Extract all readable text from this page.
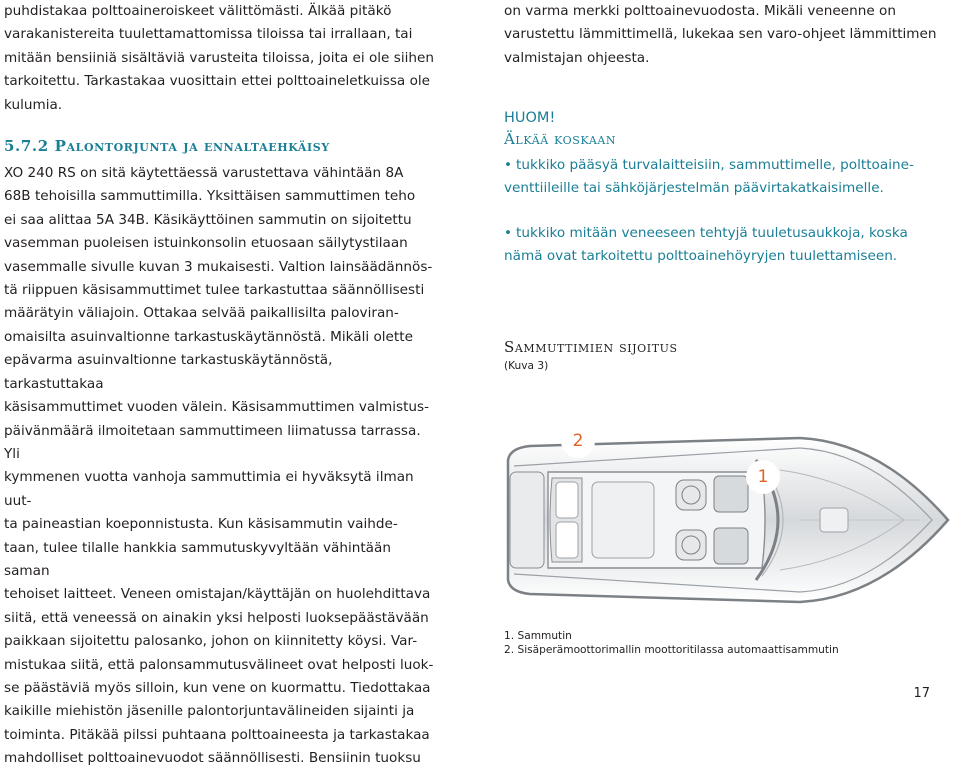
puhdistakaa polttoaineroiskeet välittömästi. Älkää pitäkö

varakanistereita tuulettamattomissa tiloissa tai irrallaan, tai

mitään bensiiniä sisältäviä varusteita tiloissa, joita ei ole siihen

tarkoitettu. Tarkastakaa vuosittain ettei polttoaineletkuissa ole

kulumia.

5.7.2 Palontorjunta ja ennaltaehkäisy

XO 240 RS on sitä käytettäessä varustettava vähintään 8A

68B tehoisilla sammuttimilla. Yksittäisen sammuttimen teho

ei saa alittaa 5A 34B. Käsikäyttöinen sammutin on sijoitettu

vasemman puoleisen istuinkonsolin etuosaan säilytystilaan

vasemmalle sivulle kuvan 3 mukaisesti. Valtion lainsäädännös-

tä riippuen käsisammuttimet tulee tarkastuttaa säännöllisesti

määrätyin väliajoin. Ottakaa selvää paikallisilta paloviran-

omaisilta asuinvaltionne tarkastuskäytännöstä. Mikäli olette

epävarma asuinvaltionne tarkastuskäytännöstä, tarkastuttakaa

käsisammuttimet vuoden välein. Käsisammuttimen valmistus-

päivänmäärä ilmoitetaan sammuttimeen liimatussa tarrassa. Yli

kymmenen vuotta vanhoja sammuttimia ei hyväksytä ilman uut-

ta paineastian koeponnistusta. Kun käsisammutin vaihde-

taan, tulee tilalle hankkia sammutuskyvyltään vähintään saman

tehoiset laitteet. Veneen omistajan/käyttäjän on huolehdittava

siitä, että veneessä on ainakin yksi helposti luoksepäästävään

paikkaan sijoitettu palosanko, johon on kiinnitetty köysi. Var-

mistukaa siitä, että palonsammutusvälineet ovat helposti luok-

se päästäviä myös silloin, kun vene on kuormattu. Tiedottakaa

kaikille miehistön jäsenille palontorjuntavälineiden sijainti ja

toiminta. Pitäkää pilssi puhtaana polttoaineesta ja tarkastakaa

mahdolliset polttoainevuodot säännöllisesti. Bensiinin tuoksu

on varma merkki polttoainevuodosta. Mikäli veneenne on

varustettu lämmittimellä, lukekaa sen varo-ohjeet lämmittimen

valmistajan ohjeesta.

HUOM!

Älkää koskaan

• tukkiko pääsyä turvalaitteisiin, sammuttimelle, polttoaine-
venttiileille tai sähköjärjestelmän päävirtakatkaisimelle.
• tukkiko mitään veneeseen tehtyjä tuuletusaukkoja, koska
nämä ovat tarkoitettu polttoainehöyryjen tuulettamiseen.

Sammuttimien sijoitus

(Kuva 3)

2
1

1. Sammutin

2. Sisäperämoottorimallin moottoritilassa automaattisammutin

17
